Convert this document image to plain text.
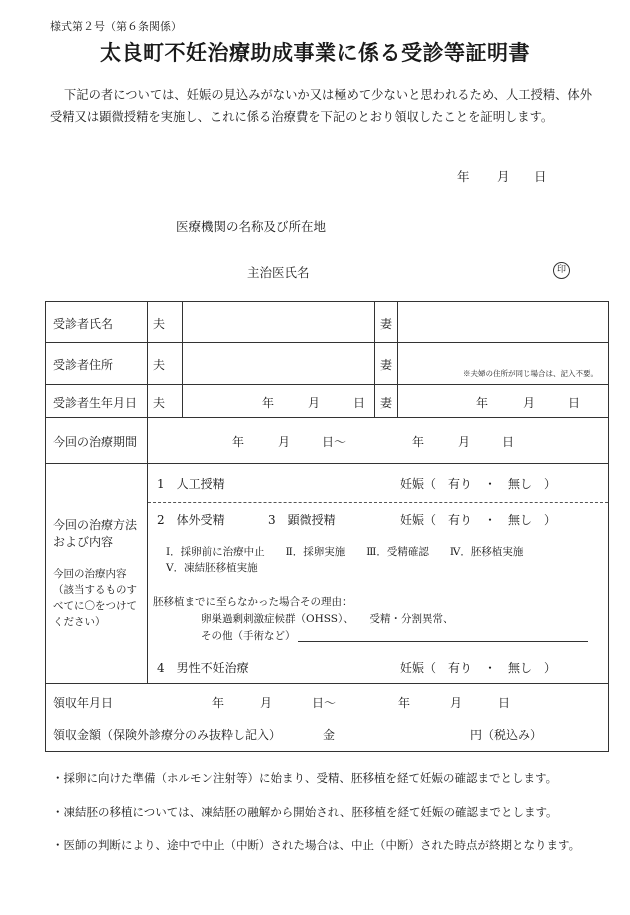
様式第２号（第６条関係）
太良町不妊治療助成事業に係る受診等証明書
下記の者については、妊娠の見込みがないか又は極めて少ないと思われるため、人工授精、体外受精又は顕微授精を実施し、これに係る治療費を下記のとおり領収したことを証明します。
年 月 日
医療機関の名称及び所在地
主治医氏名	印
受診者氏名	夫	妻
受診者住所	夫	妻
※夫婦の住所が同じ場合は、記入不要。
受診者生年月日 夫	年	月	日 妻	年	月	日
今回の治療期間	年	月	日～	年	月	日
今回の治療方法
および内容
今回の治療内容
（該当するものす
べてに〇をつけて
ください）
1　人工授精	妊娠（　有り　・　無し　）
2　体外受精	3　顕微授精	妊娠（　有り　・　無し　）
Ⅰ．採卵前に治療中止　　Ⅱ．採卵実施　　Ⅲ．受精確認　　Ⅳ．胚移植実施
Ⅴ．凍結胚移植実施
胚移植までに至らなかった場合その理由：
卵巣過剰刺激症候群（OHSS）、　　受精・分割異常、
その他（手術など）
4　男性不妊治療	妊娠（　有り　・　無し　）
領収年月日	年	月	日～	年	月	日
領収金額（保険外診療分のみ抜粋し記入）	金	円（税込み）
・採卵に向けた準備（ホルモン注射等）に始まり、受精、胚移植を経て妊娠の確認までとします。
・凍結胚の移植については、凍結胚の融解から開始され、胚移植を経て妊娠の確認までとします。
・医師の判断により、途中で中止（中断）された場合は、中止（中断）された時点が終期となります。
